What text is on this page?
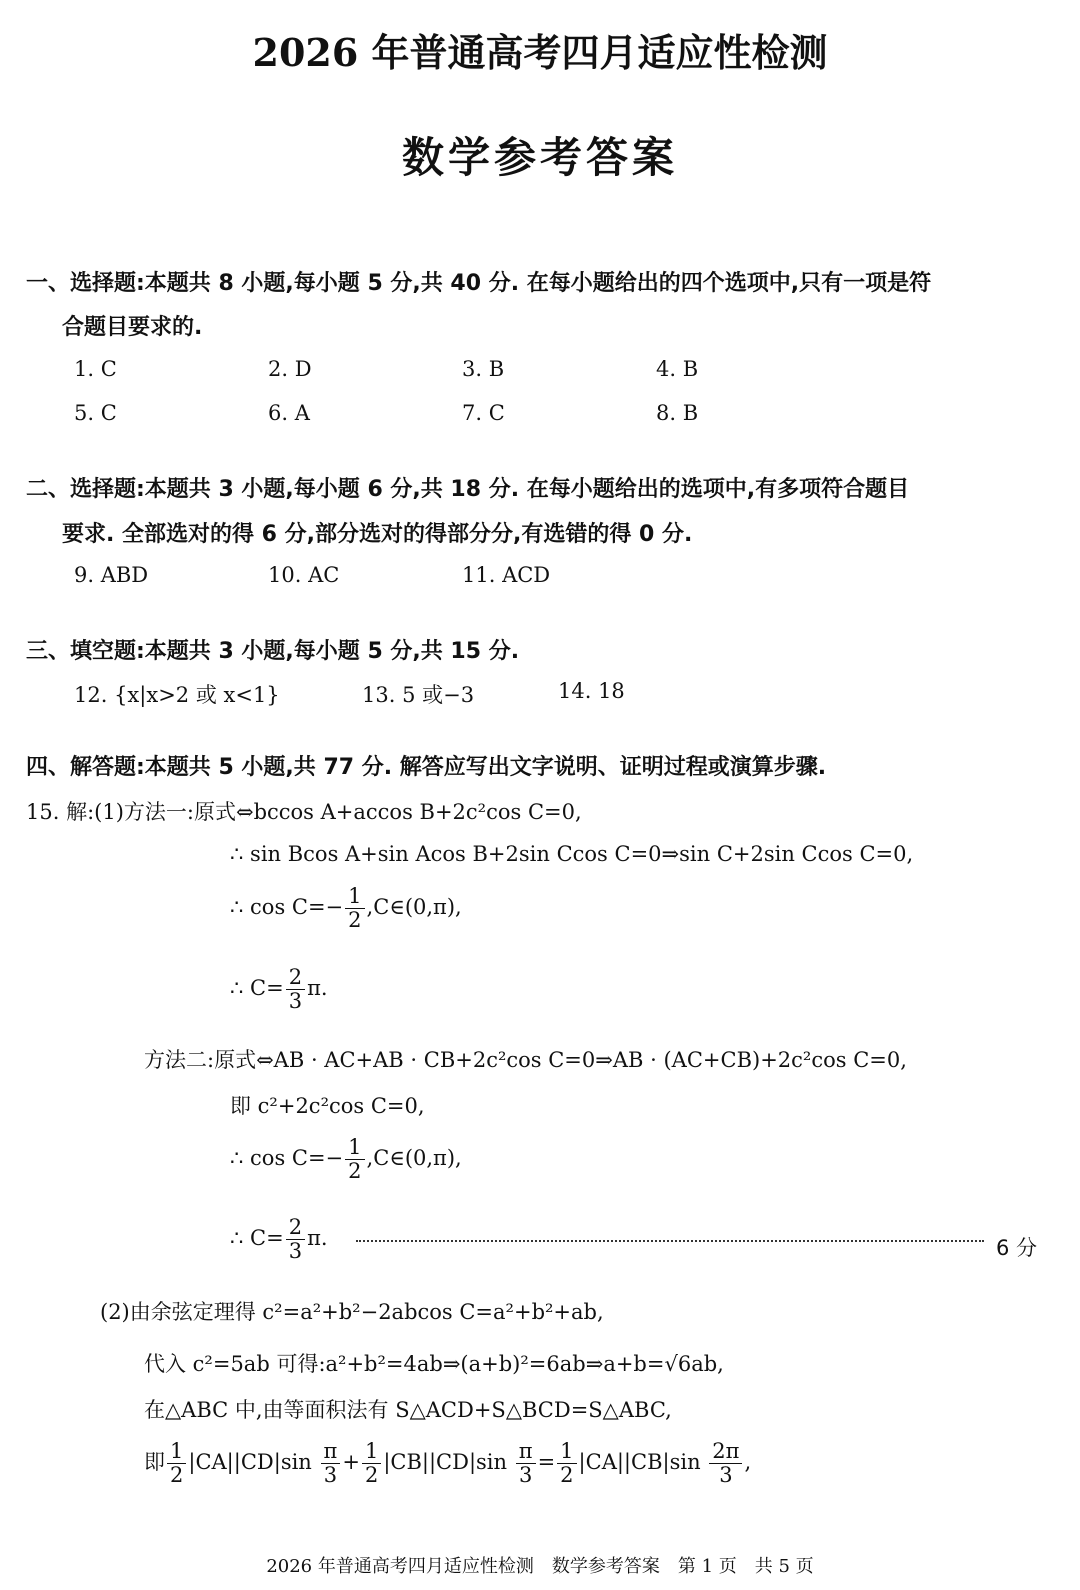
2026 年普通高考四月适应性检测
数学参考答案
一、选择题:本题共 8 小题,每小题 5 分,共 40 分. 在每小题给出的四个选项中,只有一项是符
合题目要求的.
1. C	2. D	3. B	4. B
5. C	6. A	7. C	8. B
二、选择题:本题共 3 小题,每小题 6 分,共 18 分. 在每小题给出的选项中,有多项符合题目
要求. 全部选对的得 6 分,部分选对的得部分分,有选错的得 0 分.
9. ABD	10. AC	11. ACD
三、填空题:本题共 3 小题,每小题 5 分,共 15 分.
12. {x|x>2 或 x<1}	13. 5 或−3	14. 18
四、解答题:本题共 5 小题,共 77 分. 解答应写出文字说明、证明过程或演算步骤.
15. 解:(1)方法一:原式⇔bccos A+accos B+2c²cos C=0,
∴ sin Bcos A+sin Acos B+2sin Ccos C=0⇒sin C+2sin Ccos C=0,
∴ $\cos C=- \frac{1}{2}$ ,C∈(0,π),
∴ $C= \frac{2}{3} \pi$.
方法二:原式⇔AB · AC+AB · CB+2c²cos C=0⇒AB · (AC+CB)+2c²cos C=0,
即 c²+2c²cos C=0,
∴ $\cos C=- \frac{1}{2}$ ,C∈(0,π),
∴ $C= \frac{2}{3} \pi$.	6 分
(2)由余弦定理得 c²=a²+b²−2abcos C=a²+b²+ab,
代入 c²=5ab 可得:a²+b²=4ab⇒(a+b)²=6ab⇒a+b=√6ab,
在△ABC 中,由等面积法有 S△ACD+S△BCD=S△ABC,
即 $\frac{1}{2} |CA||CD|\sin \frac{\pi}{3} + \frac{1}{2} |CB||CD|\sin \frac{\pi}{3} = \frac{1}{2} |CA||CB|\sin \frac{2\pi}{3}$ ,
2026 年普通高考四月适应性检测　数学参考答案　第 1 页　共 5 页
